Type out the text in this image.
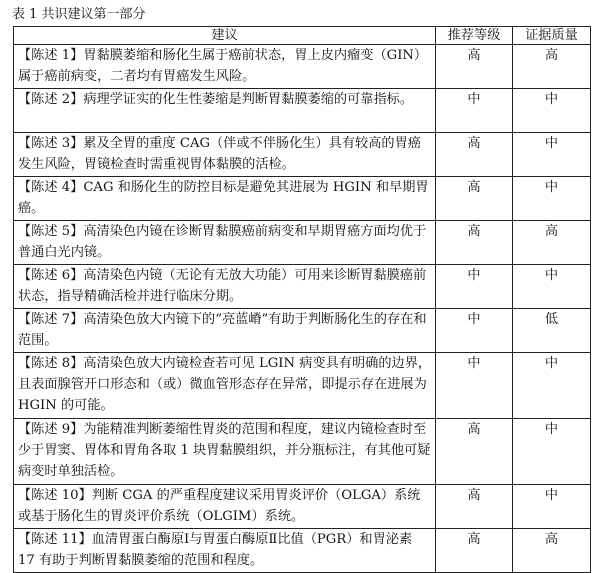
表 1 共识建议第一部分
建议	推荐等级	证据质量
【陈述 1】胃黏膜萎缩和肠化生属于癌前状态，胃上皮内瘤变（GIN）属于癌前病变，二者均有胃癌发生风险。	高	高
【陈述 2】病理学证实的化生性萎缩是判断胃黏膜萎缩的可靠指标。	中	中
【陈述 3】累及全胃的重度 CAG（伴或不伴肠化生）具有较高的胃癌发生风险，胃镜检查时需重视胃体黏膜的活检。	高	中
【陈述 4】CAG 和肠化生的防控目标是避免其进展为 HGIN 和早期胃癌。	高	中
【陈述 5】高清染色内镜在诊断胃黏膜癌前病变和早期胃癌方面均优于普通白光内镜。	高	高
【陈述 6】高清染色内镜（无论有无放大功能）可用来诊断胃黏膜癌前状态，指导精确活检并进行临床分期。	中	中
【陈述 7】高清染色放大内镜下的“亮蓝嵴”有助于判断肠化生的存在和范围。	中	低
【陈述 8】高清染色放大内镜检查若可见 LGIN 病变具有明确的边界，且表面腺管开口形态和（或）微血管形态存在异常，即提示存在进展为 HGIN 的可能。	中	中
【陈述 9】为能精准判断萎缩性胃炎的范围和程度，建议内镜检查时至少于胃窦、胃体和胃角各取 1 块胃黏膜组织，并分瓶标注，有其他可疑病变时单独活检。	高	中
【陈述 10】判断 CGA 的严重程度建议采用胃炎评价（OLGA）系统或基于肠化生的胃炎评价系统（OLGIM）系统。	高	中
【陈述 11】血清胃蛋白酶原Ⅰ与胃蛋白酶原Ⅱ比值（PGR）和胃泌素 17 有助于判断胃黏膜萎缩的范围和程度。	高	高
